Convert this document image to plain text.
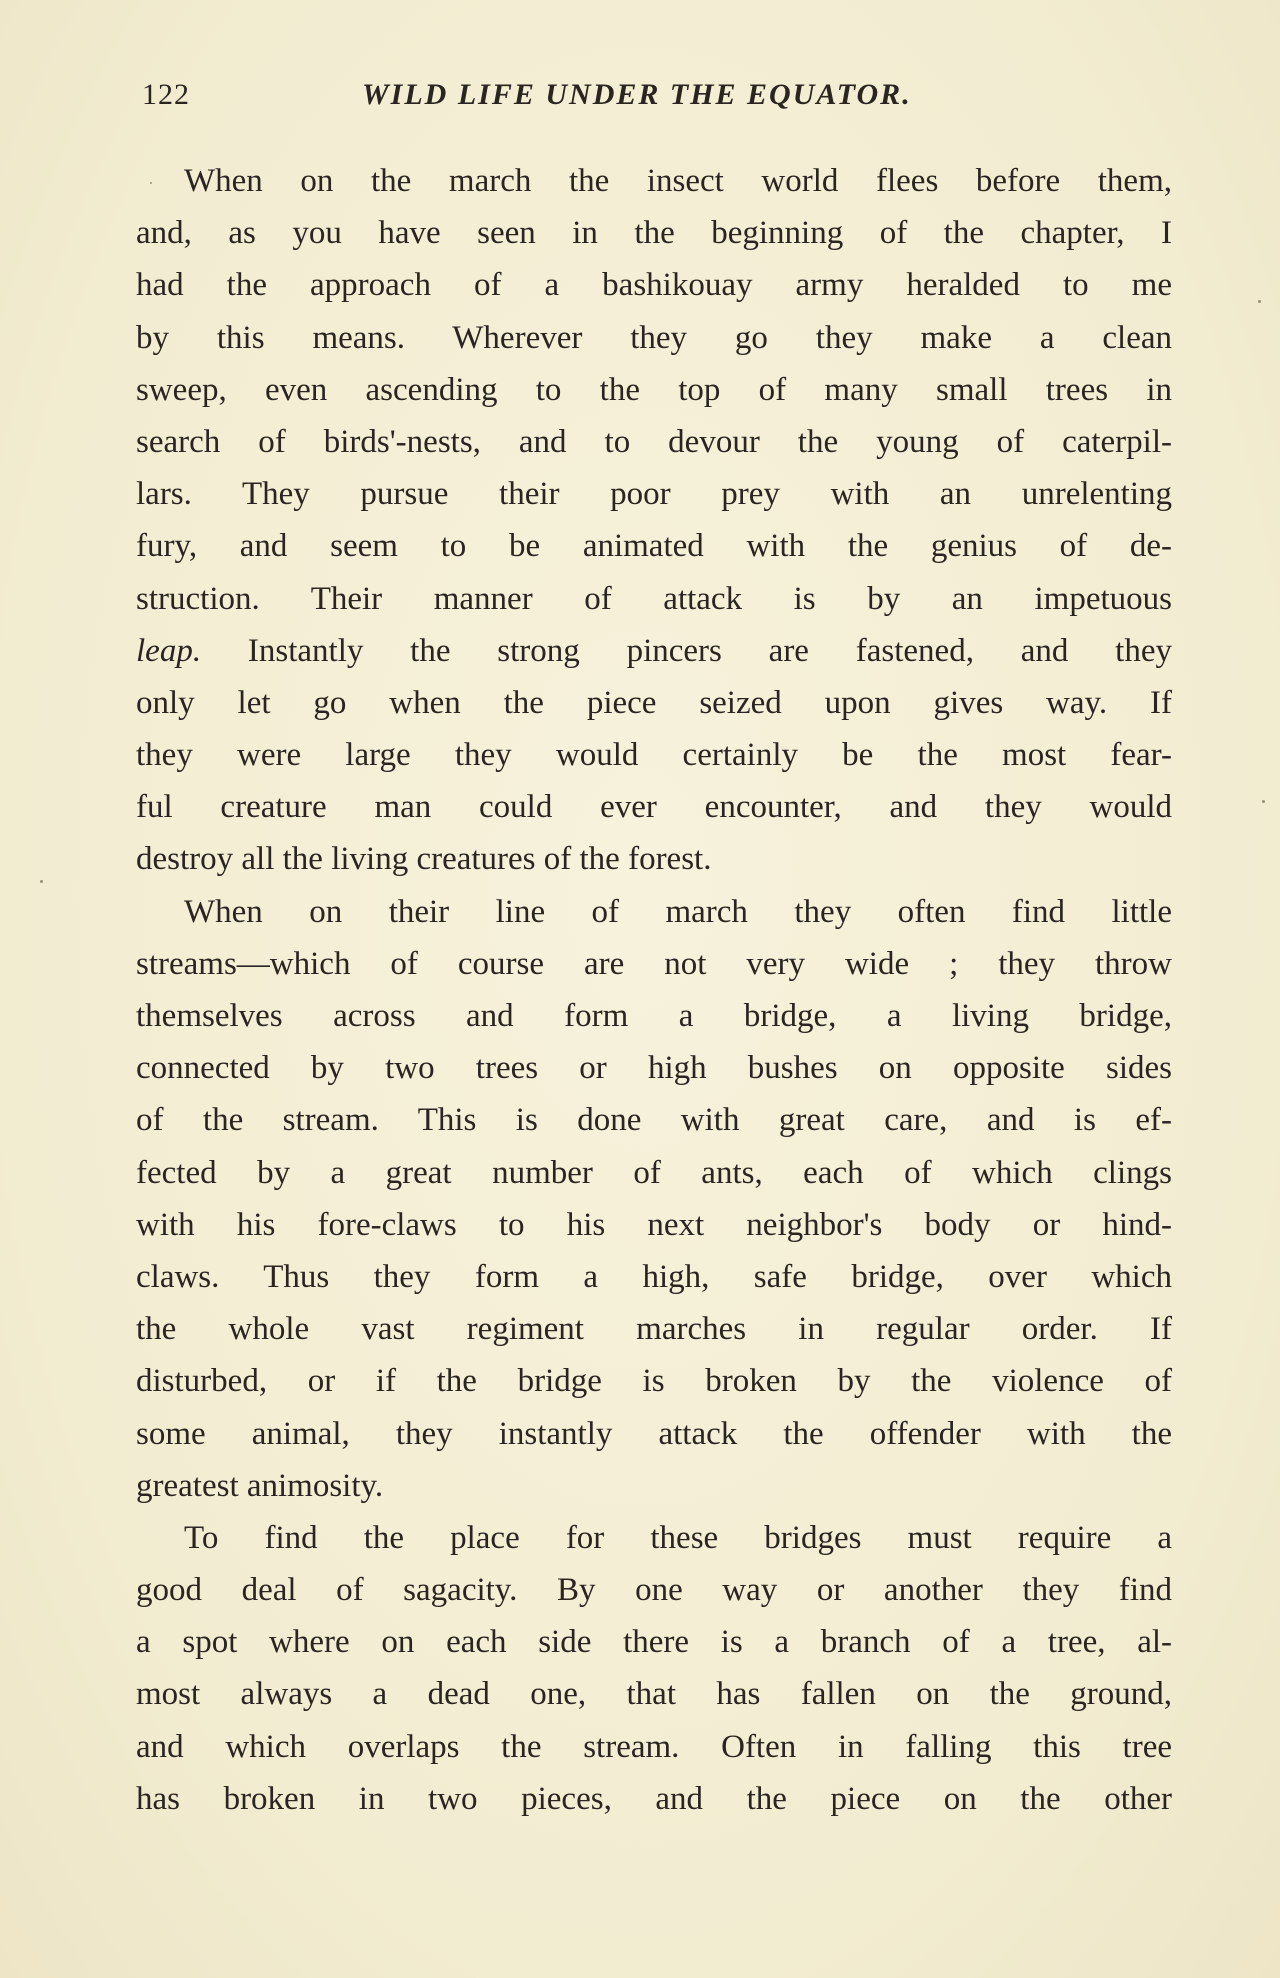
122	WILD LIFE UNDER THE EQUATOR.
When on the march the insect world flees before them,
and, as you have seen in the beginning of the chapter, I
had the approach of a bashikouay army heralded to me
by this means. Wherever they go they make a clean
sweep, even ascending to the top of many small trees in
search of birds'-nests, and to devour the young of caterpil-
lars. They pursue their poor prey with an unrelenting
fury, and seem to be animated with the genius of de-
struction. Their manner of attack is by an impetuous
leap. Instantly the strong pincers are fastened, and they
only let go when the piece seized upon gives way. If
they were large they would certainly be the most fear-
ful creature man could ever encounter, and they would
destroy all the living creatures of the forest.
When on their line of march they often find little
streams—which of course are not very wide ; they throw
themselves across and form a bridge, a living bridge,
connected by two trees or high bushes on opposite sides
of the stream. This is done with great care, and is ef-
fected by a great number of ants, each of which clings
with his fore-claws to his next neighbor's body or hind-
claws. Thus they form a high, safe bridge, over which
the whole vast regiment marches in regular order. If
disturbed, or if the bridge is broken by the violence of
some animal, they instantly attack the offender with the
greatest animosity.
To find the place for these bridges must require a
good deal of sagacity. By one way or another they find
a spot where on each side there is a branch of a tree, al-
most always a dead one, that has fallen on the ground,
and which overlaps the stream. Often in falling this tree
has broken in two pieces, and the piece on the other
